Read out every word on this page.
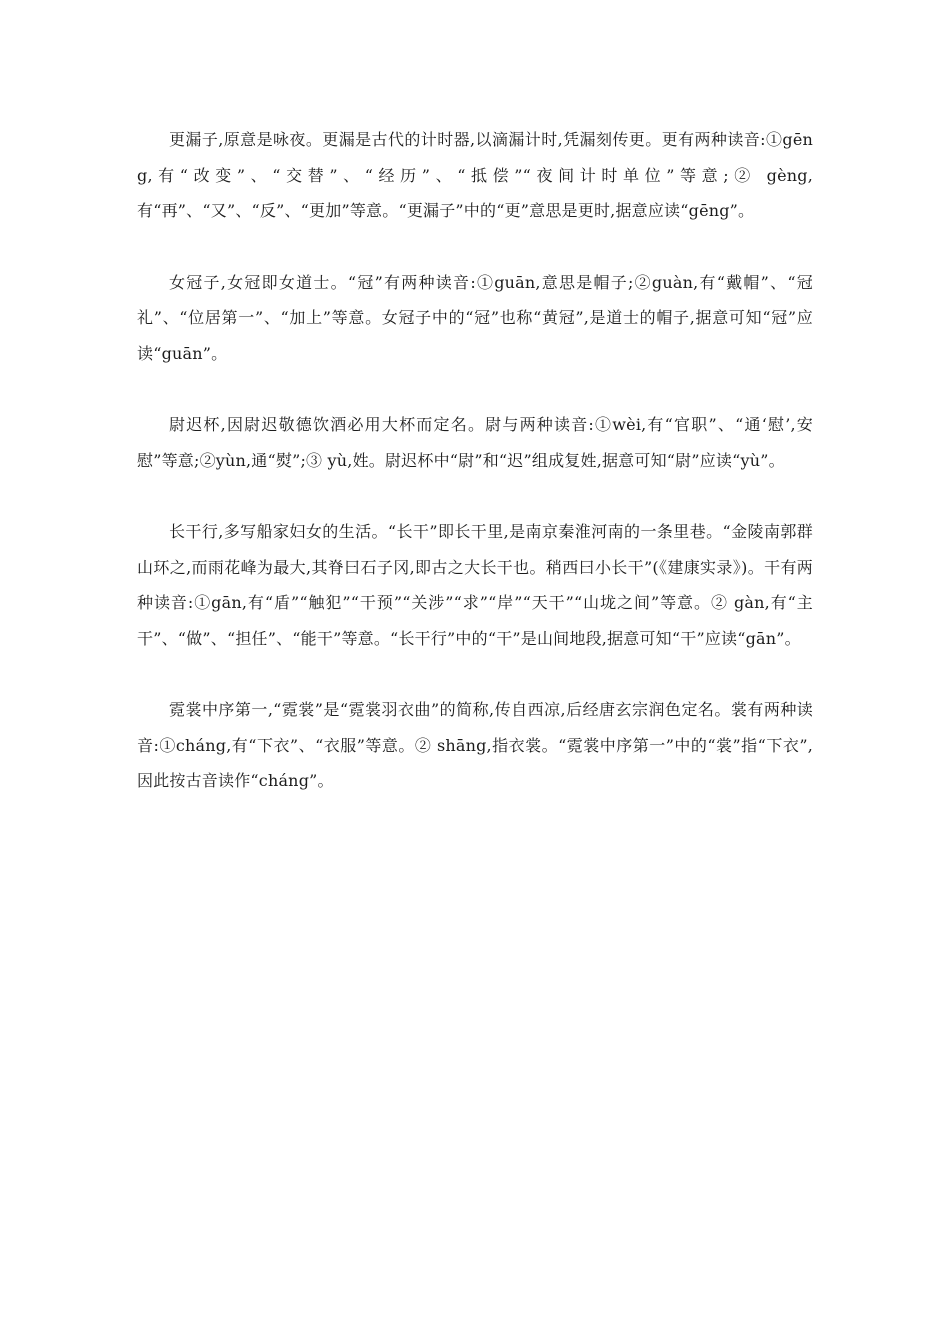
更漏子,原意是咏夜。更漏是古代的计时器,以滴漏计时,凭漏刻传更。更有两种读音:①gēng,有“改变”、“交替”、“经历”、“抵偿”“夜间计时单位”等意;② gèng,有“再”、“又”、“反”、“更加”等意。“更漏子”中的“更”意思是更时,据意应读“gēng”。

女冠子,女冠即女道士。“冠”有两种读音:①guān,意思是帽子;②guàn,有“戴帽”、“冠礼”、“位居第一”、“加上”等意。女冠子中的“冠”也称“黄冠”,是道士的帽子,据意可知“冠”应读“guān”。

尉迟杯,因尉迟敬德饮酒必用大杯而定名。尉与两种读音:①wèi,有“官职”、“通‘慰’,安慰”等意;②yùn,通“熨”;③ yù,姓。尉迟杯中“尉”和“迟”组成复姓,据意可知“尉”应读“yù”。

长干行,多写船家妇女的生活。“长干”即长干里,是南京秦淮河南的一条里巷。“金陵南郭群山环之,而雨花峰为最大,其脊曰石子冈,即古之大长干也。稍西曰小长干”(《建康实录》)。干有两种读音:①gān,有“盾”“触犯”“干预”“关涉”“求”“岸”“天干”“山垅之间”等意。② gàn,有“主干”、“做”、“担任”、“能干”等意。“长干行”中的“干”是山间地段,据意可知“干”应读“gān”。

霓裳中序第一,“霓裳”是“霓裳羽衣曲”的简称,传自西凉,后经唐玄宗润色定名。裳有两种读音:①cháng,有“下衣”、“衣服”等意。② shāng,指衣裳。“霓裳中序第一”中的“裳”指“下衣”,因此按古音读作“cháng”。
